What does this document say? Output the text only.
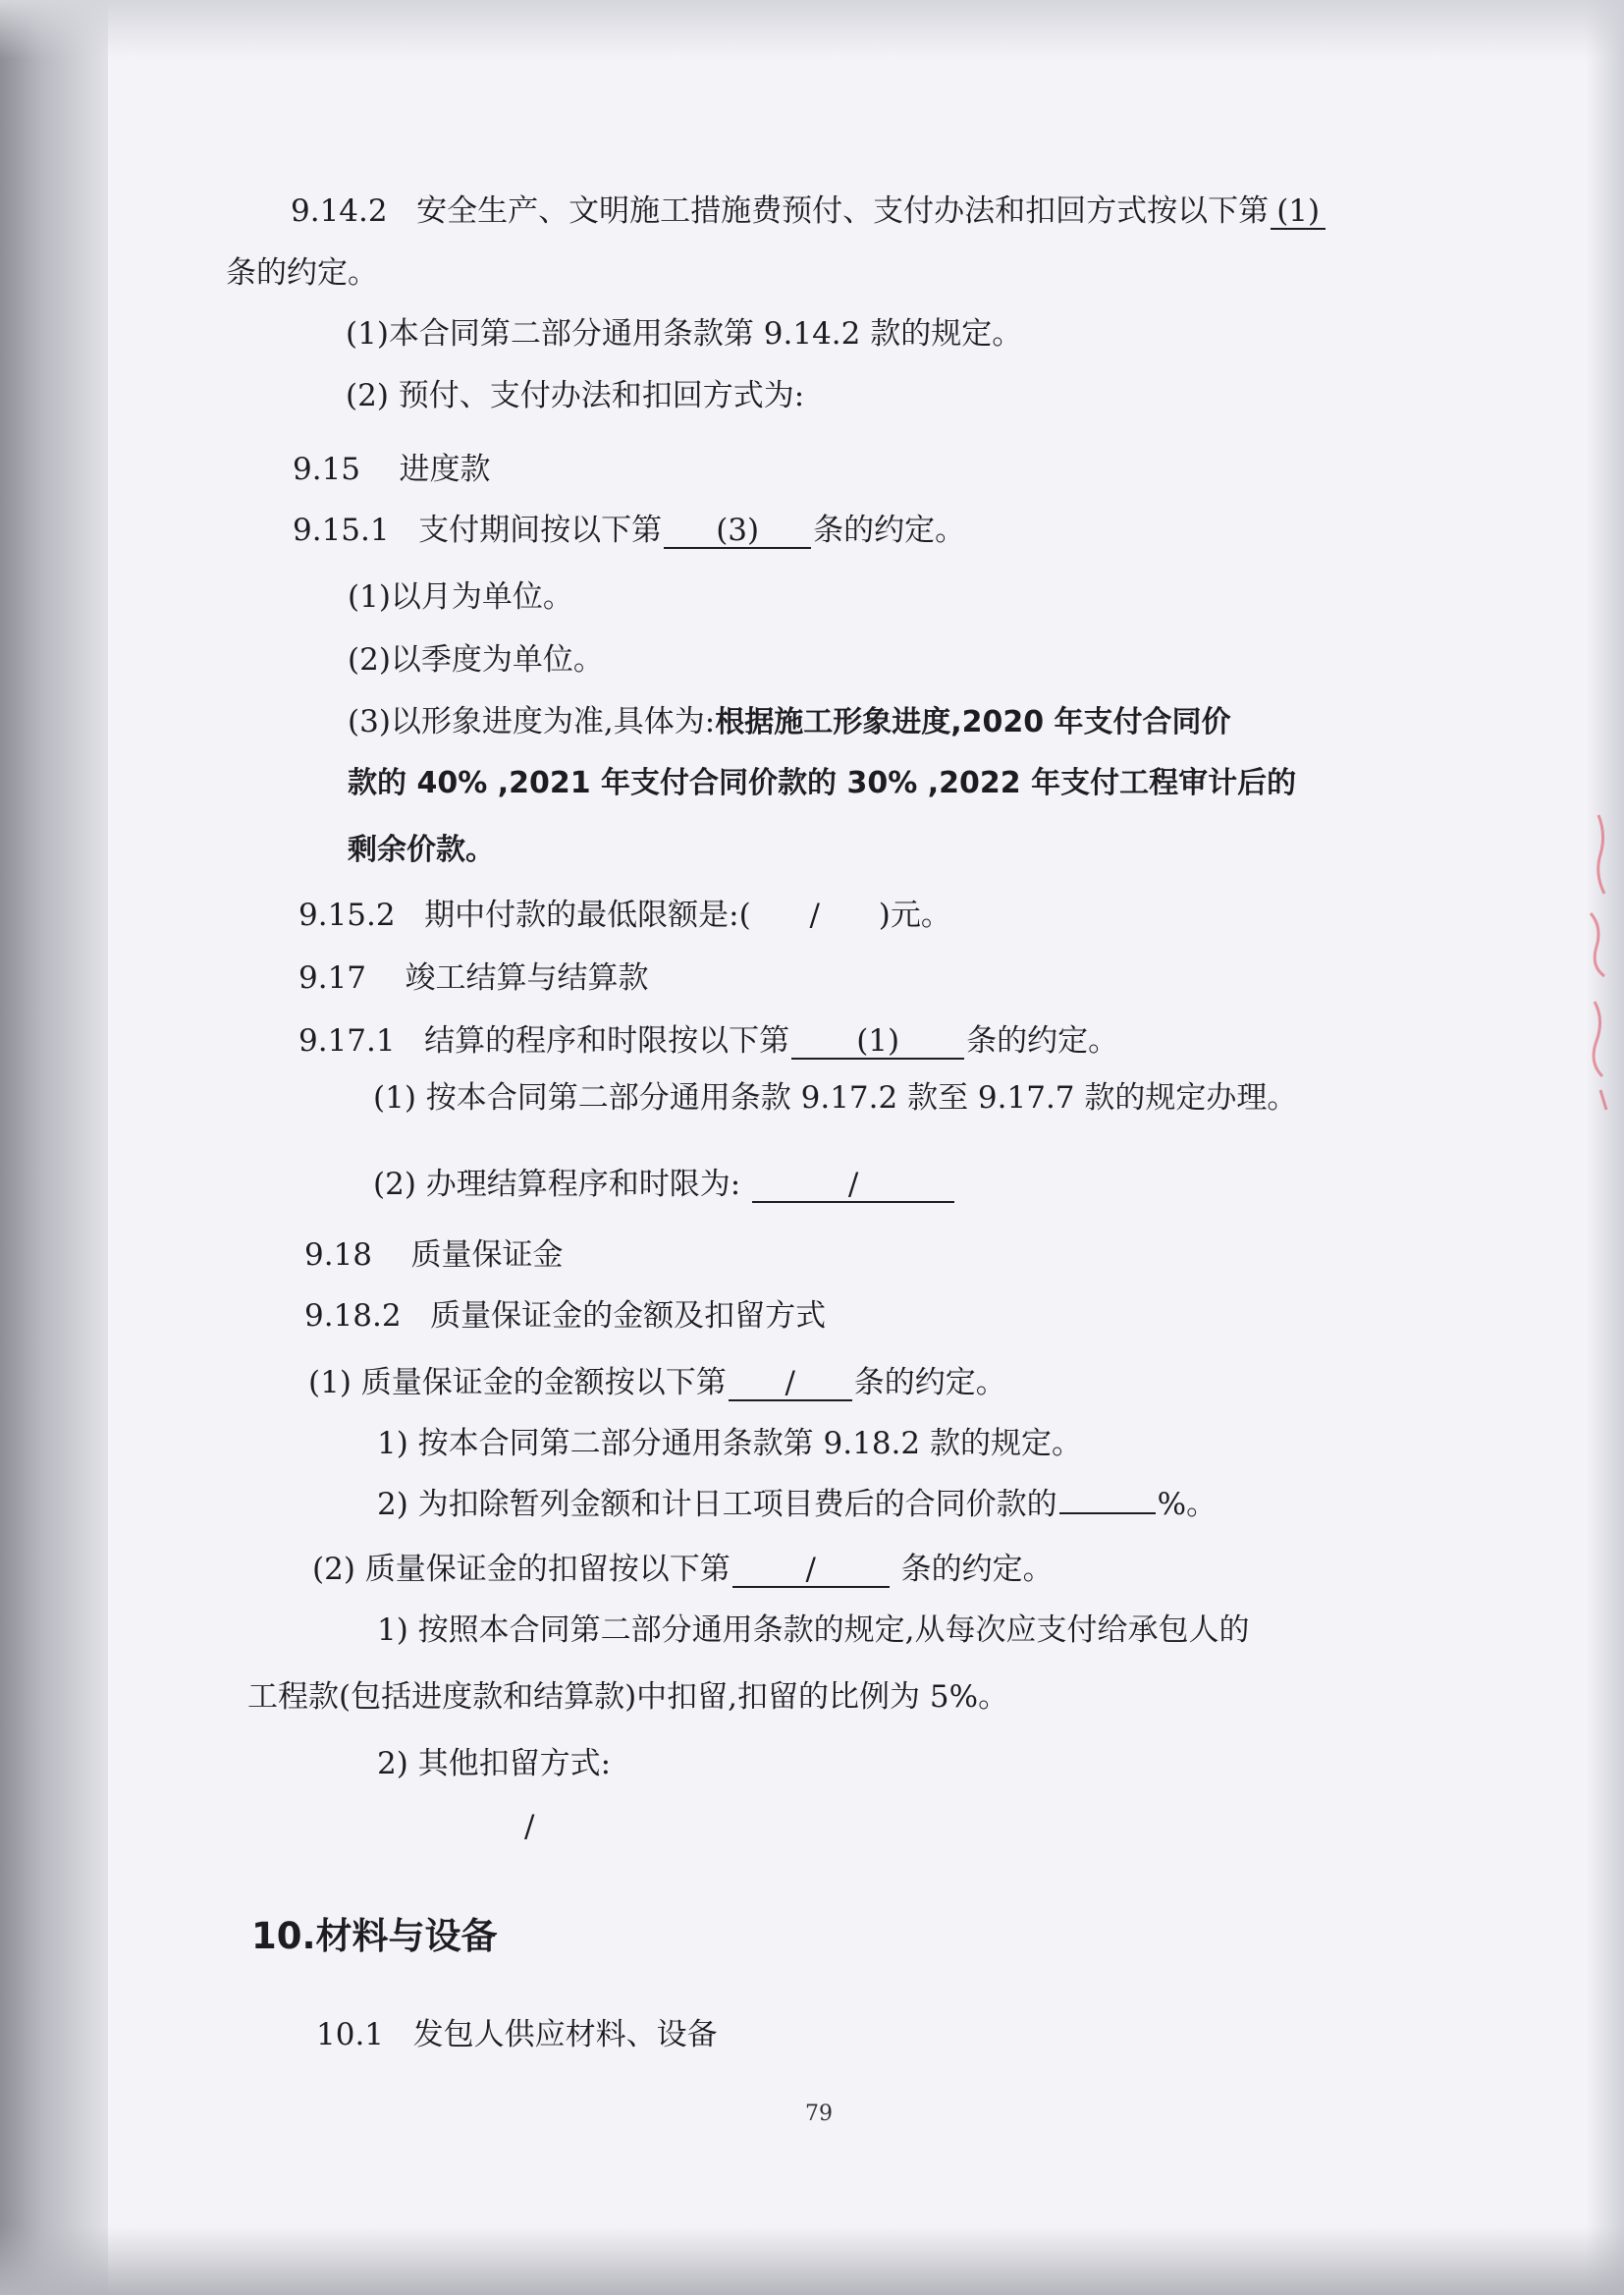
9.14.2 安全生产、文明施工措施费预付、支付办法和扣回方式按以下第 (1)
条的约定。
(1)本合同第二部分通用条款第 9.14.2 款的规定。
(2) 预付、支付办法和扣回方式为:
9.15 进度款
9.15.1 支付期间按以下第 (3) 条的约定。
(1)以月为单位。
(2)以季度为单位。
(3)以形象进度为准,具体为:根据施工形象进度,2020 年支付合同价
款的 40% ,2021 年支付合同价款的 30% ,2022 年支付工程审计后的
剩余价款。
9.15.2 期中付款的最低限额是:( / )元。
9.17 竣工结算与结算款
9.17.1 结算的程序和时限按以下第 (1) 条的约定。
(1) 按本合同第二部分通用条款 9.17.2 款至 9.17.7 款的规定办理。
(2) 办理结算程序和时限为:	/
9.18 质量保证金
9.18.2 质量保证金的金额及扣留方式
(1) 质量保证金的金额按以下第 / 条的约定。
1) 按本合同第二部分通用条款第 9.18.2 款的规定。
2) 为扣除暂列金额和计日工项目费后的合同价款的	%。
(2) 质量保证金的扣留按以下第 /	条的约定。
1) 按照本合同第二部分通用条款的规定,从每次应支付给承包人的
工程款(包括进度款和结算款)中扣留,扣留的比例为 5%。
2) 其他扣留方式:
/
10.材料与设备
10.1 发包人供应材料、设备
79
